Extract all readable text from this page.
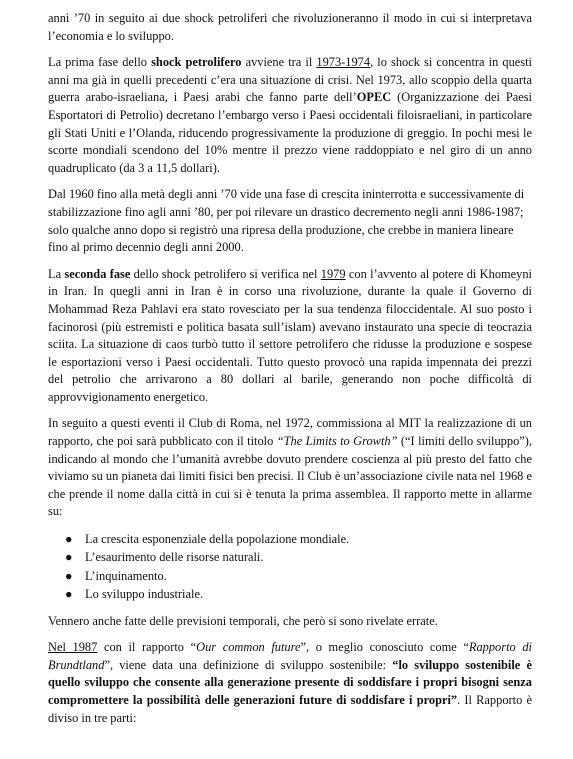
anni ’70 in seguito ai due shock petroliferi che rivoluzioneranno il modo in cui si interpretava l’economia e lo sviluppo.

La prima fase dello shock petrolifero avviene tra il 1973-1974, lo shock si concentra in questi anni ma già in quelli precedenti c’era una situazione di crisi. Nel 1973, allo scoppio della quarta guerra arabo-israeliana, i Paesi arabi che fanno parte dell’OPEC (Organizzazione dei Paesi Esportatori di Petrolio) decretano l’embargo verso i Paesi occidentali filoisraeliani, in particolare gli Stati Uniti e l’Olanda, riducendo progressivamente la produzione di greggio. In pochi mesi le scorte mondiali scendono del 10% mentre il prezzo viene raddoppiato e nel giro di un anno quadruplicato (da 3 a 11,5 dollari).

Dal 1960 fino alla metà degli anni ’70 vide una fase di crescita ininterrotta e successivamente di stabilizzazione fino agli anni ’80, per poi rilevare un drastico decremento negli anni 1986-1987; solo qualche anno dopo si registrò una ripresa della produzione, che crebbe in maniera lineare fino al primo decennio degli anni 2000.

La seconda fase dello shock petrolifero si verifica nel 1979 con l’avvento al potere di Khomeyni in Iran. In quegli anni in Iran è in corso una rivoluzione, durante la quale il Governo di Mohammad Reza Pahlavi era stato rovesciato per la sua tendenza filoccidentale. Al suo posto i facinorosi (più estremisti e politica basata sull’islam) avevano instaurato una specie di teocrazia sciita. La situazione di caos turbò tutto il settore petrolifero che ridusse la produzione e sospese le esportazioni verso i Paesi occidentali. Tutto questo provocò una rapida impennata dei prezzi del petrolio che arrivarono a 80 dollari al barile, generando non poche difficoltà di approvvigionamento energetico.

In seguito a questi eventi il Club di Roma, nel 1972, commissiona al MIT la realizzazione di un rapporto, che poi sarà pubblicato con il titolo “The Limits to Growth” (“I limiti dello sviluppo”), indicando al mondo che l’umanità avrebbe dovuto prendere coscienza al più presto del fatto che viviamo su un pianeta dai limiti fisici ben precisi. Il Club è un’associazione civile nata nel 1968 e che prende il nome dalla città in cui si è tenuta la prima assemblea. Il rapporto mette in allarme su:

● La crescita esponenziale della popolazione mondiale.
● L’esaurimento delle risorse naturali.
● L’inquinamento.
● Lo sviluppo industriale.

Vennero anche fatte delle previsioni temporali, che però si sono rivelate errate.

Nel 1987 con il rapporto “Our common future”, o meglio conosciuto come “Rapporto di Brundtland”, viene data una definizione di sviluppo sostenibile: “lo sviluppo sostenibile è quello sviluppo che consente alla generazione presente di soddisfare i propri bisogni senza compromettere la possibilità delle generazioni future di soddisfare i propri”. Il Rapporto è diviso in tre parti:
